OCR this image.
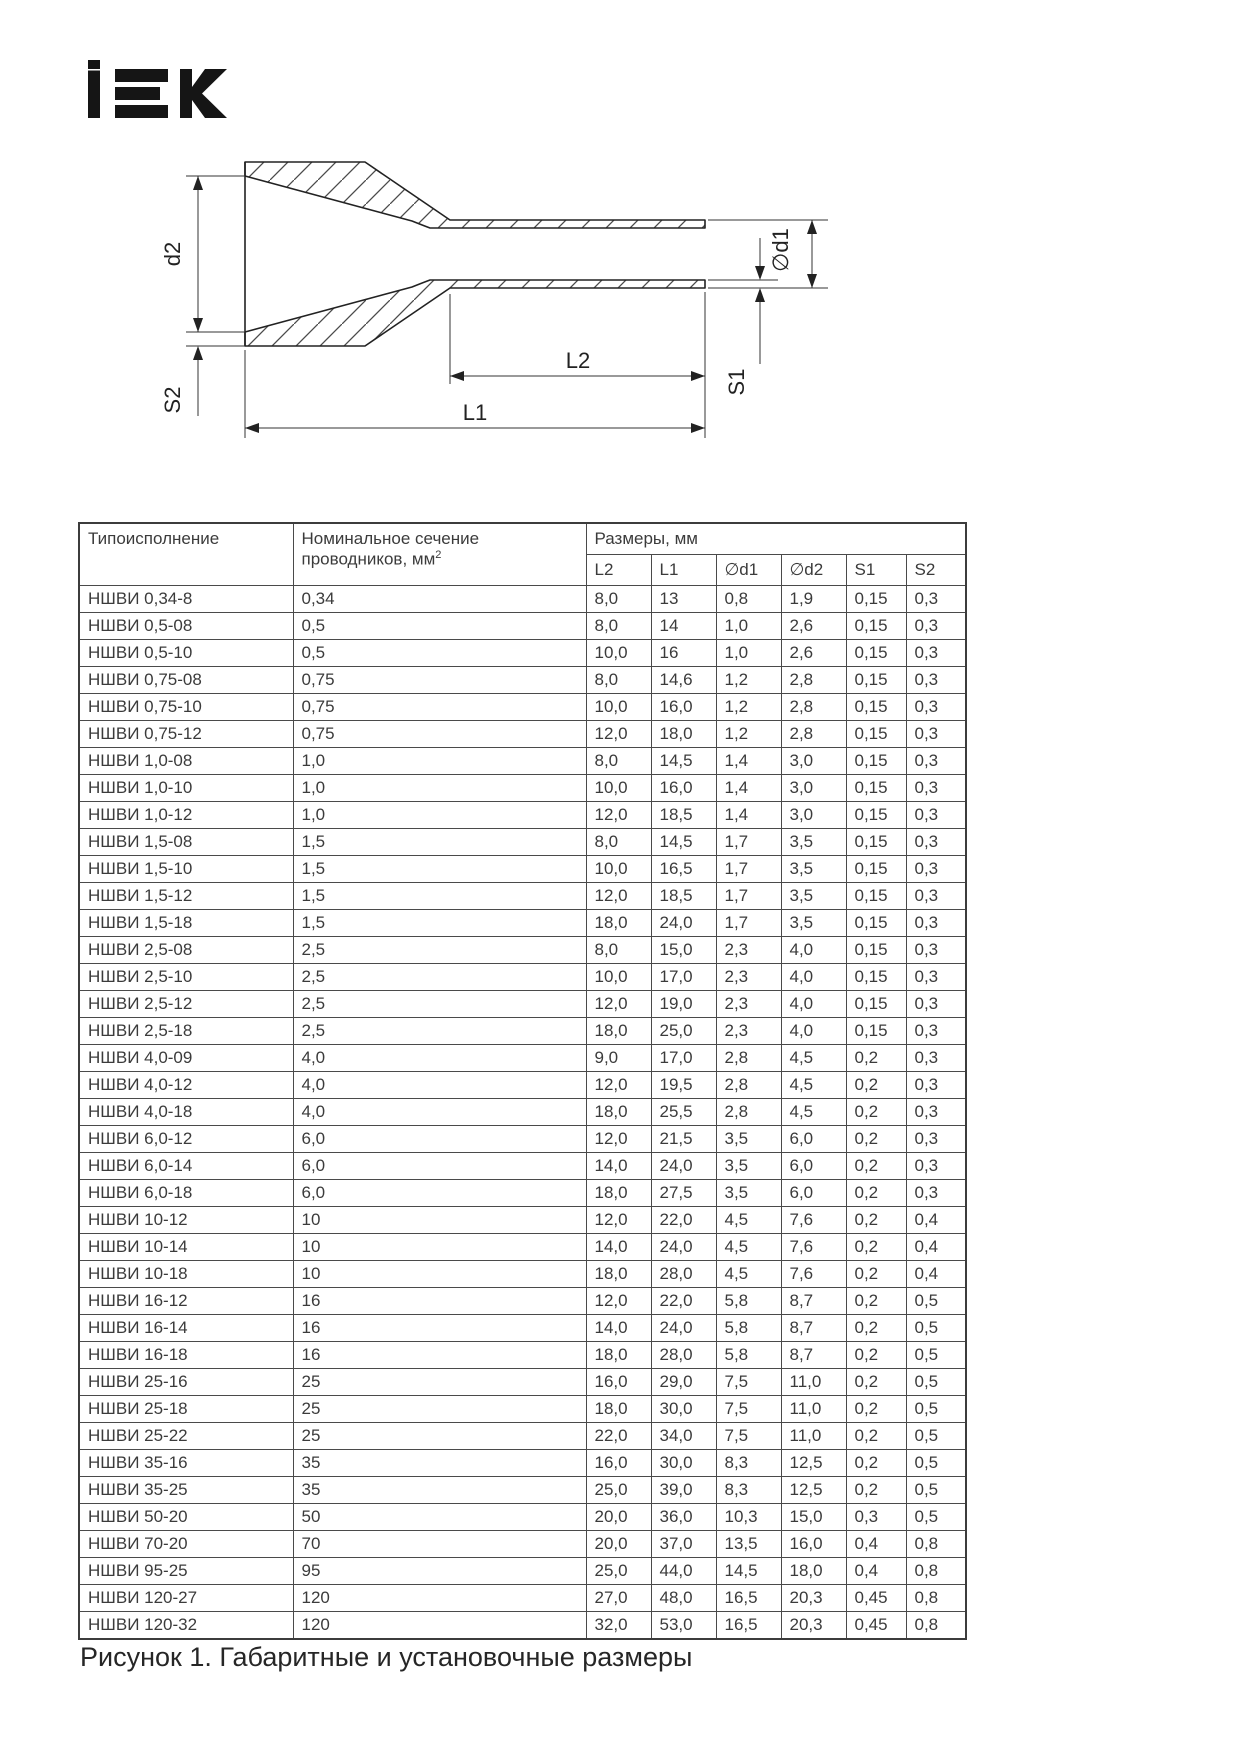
d2
S2
L2
L1
∅d1
S1
Типоисполнение	Номинальное сечение проводников, $мм^2$	Размеры, мм					
		L2	L1	∅d1	∅d2	S1	S2
НШВИ 0,34-8	0,34	8,0	13	0,8	1,9	0,15	0,3
НШВИ 0,5-08	0,5	8,0	14	1,0	2,6	0,15	0,3
НШВИ 0,5-10	0,5	10,0	16	1,0	2,6	0,15	0,3
НШВИ 0,75-08	0,75	8,0	14,6	1,2	2,8	0,15	0,3
НШВИ 0,75-10	0,75	10,0	16,0	1,2	2,8	0,15	0,3
НШВИ 0,75-12	0,75	12,0	18,0	1,2	2,8	0,15	0,3
НШВИ 1,0-08	1,0	8,0	14,5	1,4	3,0	0,15	0,3
НШВИ 1,0-10	1,0	10,0	16,0	1,4	3,0	0,15	0,3
НШВИ 1,0-12	1,0	12,0	18,5	1,4	3,0	0,15	0,3
НШВИ 1,5-08	1,5	8,0	14,5	1,7	3,5	0,15	0,3
НШВИ 1,5-10	1,5	10,0	16,5	1,7	3,5	0,15	0,3
НШВИ 1,5-12	1,5	12,0	18,5	1,7	3,5	0,15	0,3
НШВИ 1,5-18	1,5	18,0	24,0	1,7	3,5	0,15	0,3
НШВИ 2,5-08	2,5	8,0	15,0	2,3	4,0	0,15	0,3
НШВИ 2,5-10	2,5	10,0	17,0	2,3	4,0	0,15	0,3
НШВИ 2,5-12	2,5	12,0	19,0	2,3	4,0	0,15	0,3
НШВИ 2,5-18	2,5	18,0	25,0	2,3	4,0	0,15	0,3
НШВИ 4,0-09	4,0	9,0	17,0	2,8	4,5	0,2	0,3
НШВИ 4,0-12	4,0	12,0	19,5	2,8	4,5	0,2	0,3
НШВИ 4,0-18	4,0	18,0	25,5	2,8	4,5	0,2	0,3
НШВИ 6,0-12	6,0	12,0	21,5	3,5	6,0	0,2	0,3
НШВИ 6,0-14	6,0	14,0	24,0	3,5	6,0	0,2	0,3
НШВИ 6,0-18	6,0	18,0	27,5	3,5	6,0	0,2	0,3
НШВИ 10-12	10	12,0	22,0	4,5	7,6	0,2	0,4
НШВИ 10-14	10	14,0	24,0	4,5	7,6	0,2	0,4
НШВИ 10-18	10	18,0	28,0	4,5	7,6	0,2	0,4
НШВИ 16-12	16	12,0	22,0	5,8	8,7	0,2	0,5
НШВИ 16-14	16	14,0	24,0	5,8	8,7	0,2	0,5
НШВИ 16-18	16	18,0	28,0	5,8	8,7	0,2	0,5
НШВИ 25-16	25	16,0	29,0	7,5	11,0	0,2	0,5
НШВИ 25-18	25	18,0	30,0	7,5	11,0	0,2	0,5
НШВИ 25-22	25	22,0	34,0	7,5	11,0	0,2	0,5
НШВИ 35-16	35	16,0	30,0	8,3	12,5	0,2	0,5
НШВИ 35-25	35	25,0	39,0	8,3	12,5	0,2	0,5
НШВИ 50-20	50	20,0	36,0	10,3	15,0	0,3	0,5
НШВИ 70-20	70	20,0	37,0	13,5	16,0	0,4	0,8
НШВИ 95-25	95	25,0	44,0	14,5	18,0	0,4	0,8
НШВИ 120-27	120	27,0	48,0	16,5	20,3	0,45	0,8
НШВИ 120-32	120	32,0	53,0	16,5	20,3	0,45	0,8
Рисунок 1. Габаритные и установочные размеры
